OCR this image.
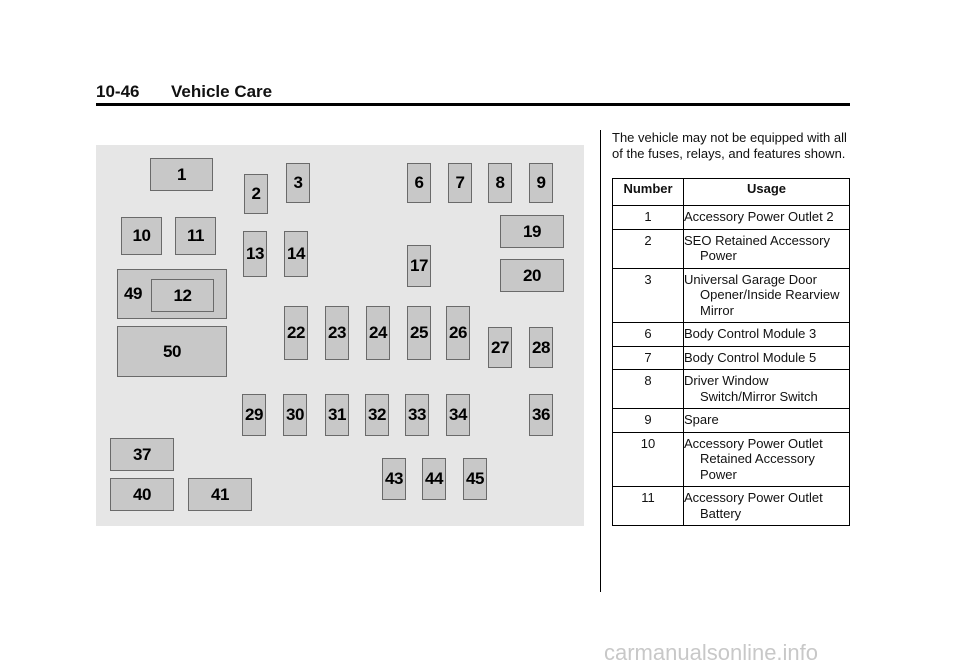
10-46 Vehicle Care
49	12
50
1
2
3	6	7	8	9
10	11	19
13 14
17	20
22 23 24 25 26
27 28
29 30 31 32 33 34	36
37
40	41
43 44 45
The vehicle may not be equipped with all of the fuses, relays, and features shown.
Number	Usage
1	Accessory Power Outlet 2
2	SEO Retained Accessory Power
3	Universal Garage Door Opener/Inside Rearview Mirror
6	Body Control Module 3
7	Body Control Module 5
8	Driver Window Switch/Mirror Switch
9	Spare
10	Accessory Power Outlet Retained Accessory Power
11	Accessory Power Outlet Battery
carmanualsonline.info
